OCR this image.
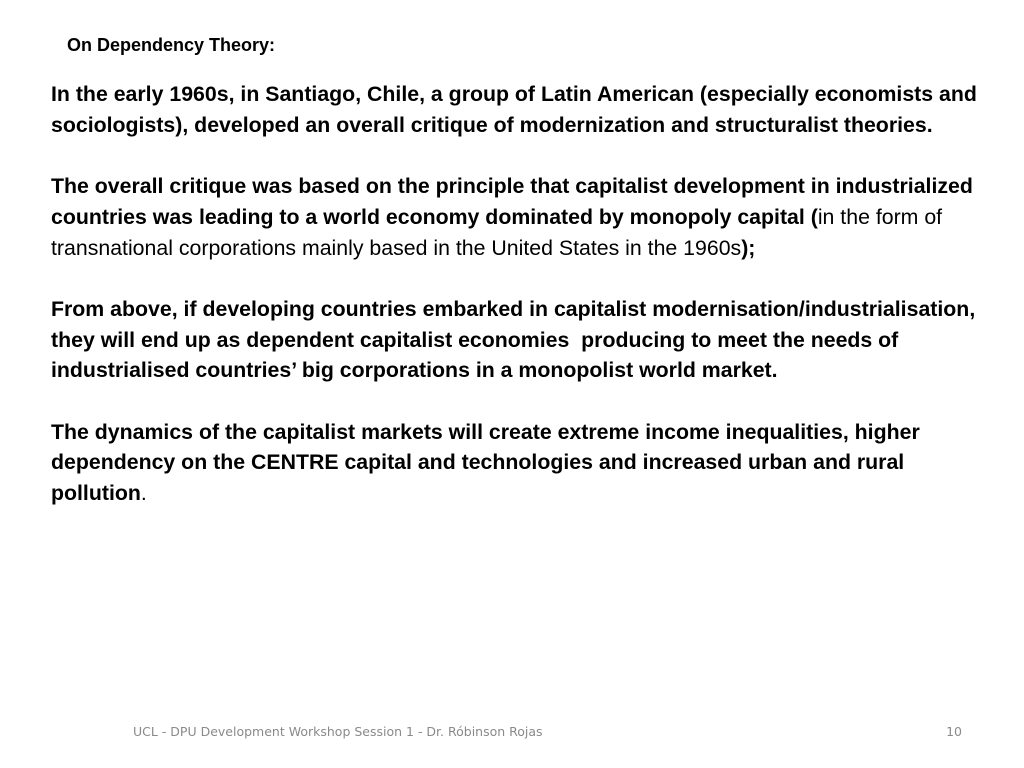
On Dependency Theory:

In the early 1960s, in Santiago, Chile, a group of Latin American (especially economists and sociologists), developed an overall critique of modernization and structuralist theories.

The overall critique was based on the principle that capitalist development in industrialized countries was leading to a world economy dominated by monopoly capital (in the form of transnational corporations mainly based in the United States in the 1960s);

From above, if developing countries embarked in capitalist modernisation/industrialisation, they will end up as dependent capitalist economies  producing to meet the needs of industrialised countries’ big corporations in a monopolist world market.

The dynamics of the capitalist markets will create extreme income inequalities, higher dependency on the CENTRE capital and technologies and increased urban and rural pollution.

UCL - DPU Development Workshop Session 1 - Dr. Róbinson Rojas	10
